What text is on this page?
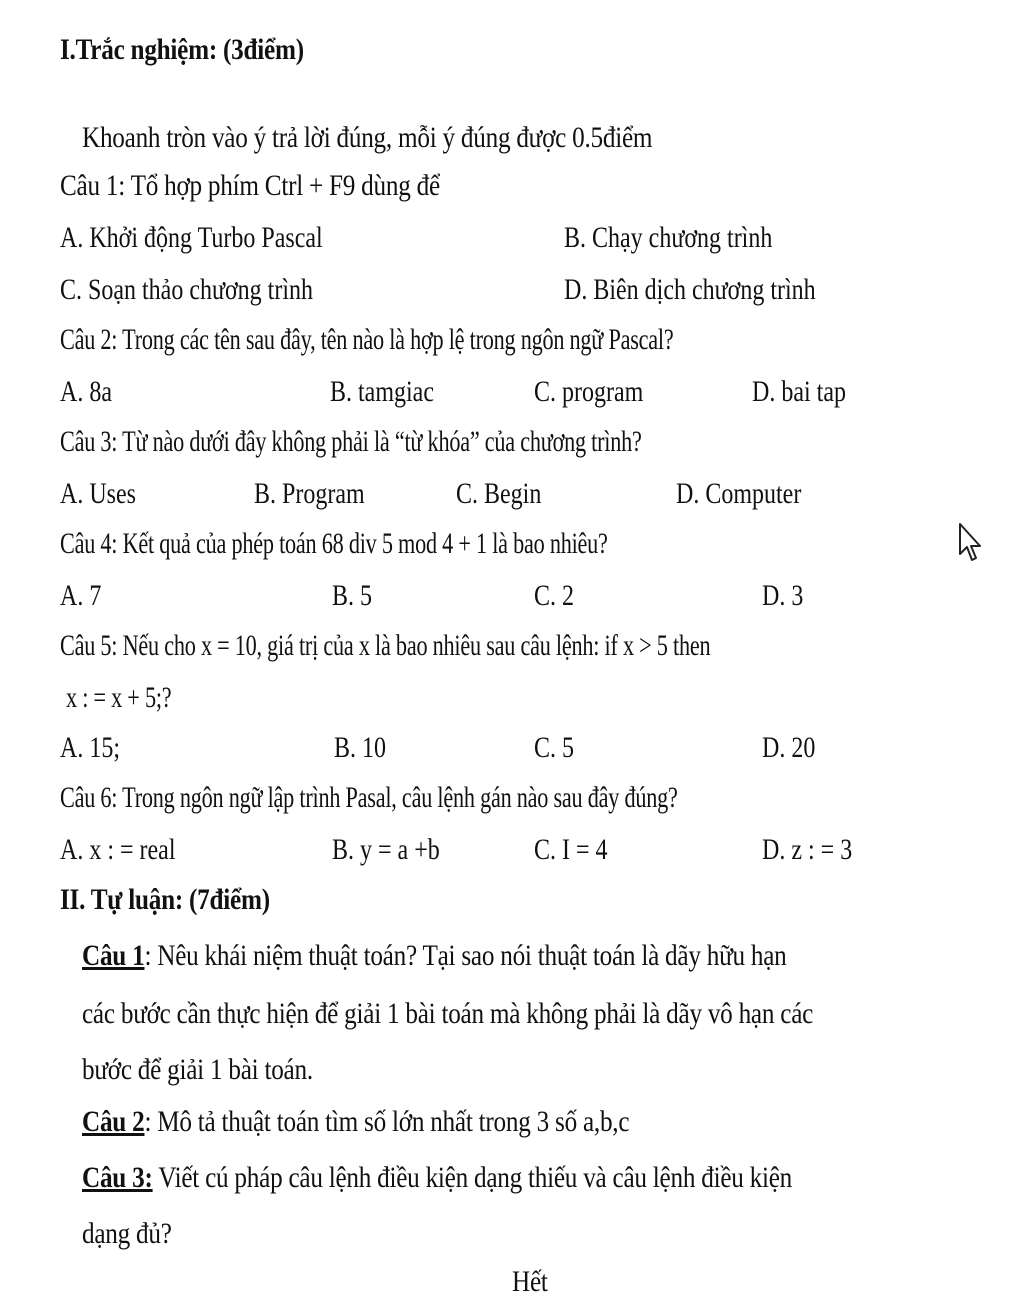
I.Trắc nghiệm: (3điểm)
Khoanh tròn vào ý trả lời đúng, mỗi ý đúng được 0.5điểm
Câu 1: Tổ hợp phím Ctrl + F9 dùng để
A. Khởi động Turbo Pascal	B. Chạy chương trình
C. Soạn thảo chương trình	D. Biên dịch chương trình
Câu 2: Trong các tên sau đây, tên nào là hợp lệ trong ngôn ngữ Pascal?
A. 8a	B. tamgiac	C. program	D. bai tap
Câu 3: Từ nào dưới đây không phải là “từ khóa” của chương trình?
A. Uses	B. Program	C. Begin	D. Computer
Câu 4: Kết quả của phép toán 68 div 5 mod 4 + 1 là bao nhiêu?
A. 7	B. 5	C. 2	D. 3
Câu 5: Nếu cho x = 10, giá trị của x là bao nhiêu sau câu lệnh: if x > 5 then
x : = x + 5;?
A. 15;	B. 10	C. 5	D. 20
Câu 6: Trong ngôn ngữ lập trình Pasal, câu lệnh gán nào sau đây đúng?
A. x : = real	B. y = a +b	C. I = 4	D. z : = 3
II. Tự luận: (7điểm)
Câu 1: Nêu khái niệm thuật toán? Tại sao nói thuật toán là dãy hữu hạn
các bước cần thực hiện để giải 1 bài toán mà không phải là dãy vô hạn các
bước để giải 1 bài toán.
Câu 2: Mô tả thuật toán tìm số lớn nhất trong 3 số a,b,c
Câu 3: Viết cú pháp câu lệnh điều kiện dạng thiếu và câu lệnh điều kiện
dạng đủ?
Hết
